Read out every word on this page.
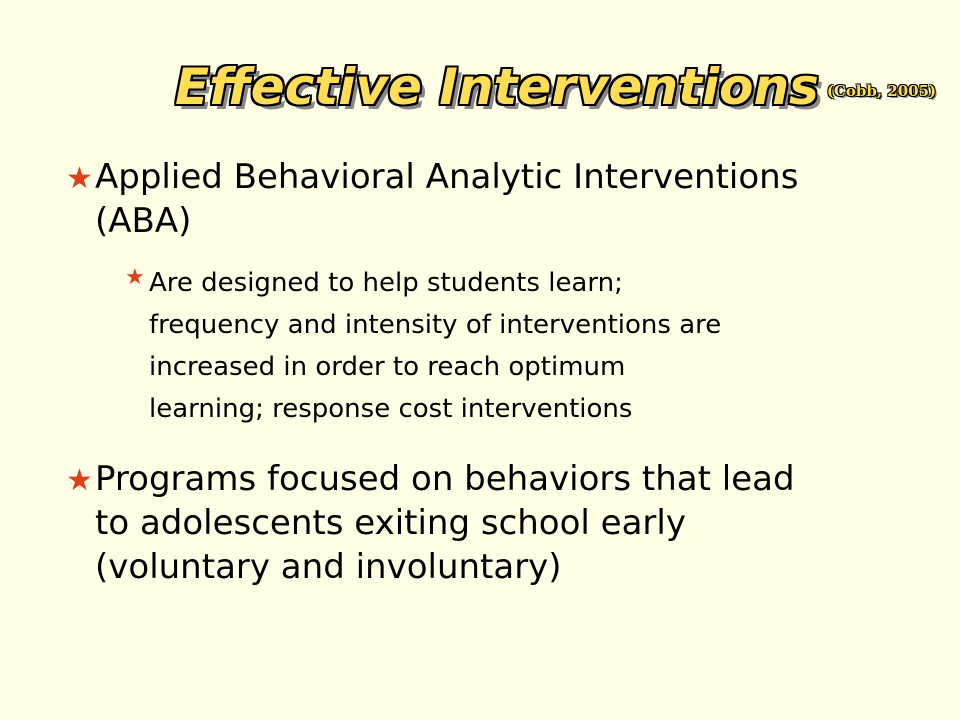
Effective Interventions (Cobb, 2005)
★ Applied Behavioral Analytic Interventions
(ABA)
★ Are designed to help students learn;
frequency and intensity of interventions are
increased in order to reach optimum
learning; response cost interventions
★ Programs focused on behaviors that lead
to adolescents exiting school early
(voluntary and involuntary)
